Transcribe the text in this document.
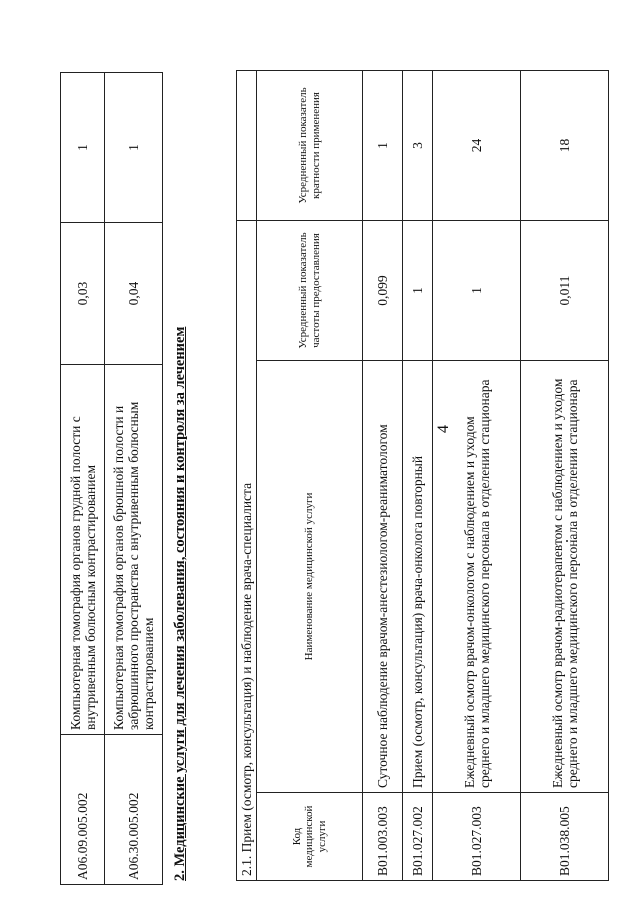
4
A06.09.005.002	Компьютерная томография органов грудной полости с внутривенным болюсным контрастированием	0,03	1
A06.30.005.002	Компьютерная томография органов брюшной полости и забрюшинного пространства с внутривенным болюсным контрастированием	0,04	1
2. Медицинские услуги для лечения заболевания, состояния и контроля за лечением	2.1. Прием (осмотр, консультация) и наблюдение врача-специалиста			
Код медицинской услуги	Наименование медицинской услуги	Усредненный показатель частоты предоставления	Усредненный показатель кратности применения
B01.003.003	Суточное наблюдение врачом-анестезиологом-реаниматологом	0,099	1
B01.027.002	Прием (осмотр, консультация) врача-онколога повторный	1	3
B01.027.003	Ежедневный осмотр врачом-онкологом с наблюдением и уходом среднего и младшего медицинского персонала в отделении стационара	1	24
B01.038.005	Ежедневный осмотр врачом-радиотерапевтом с наблюдением и уходом среднего и младшего медицинского персонала в отделении стационара	0,011	18
